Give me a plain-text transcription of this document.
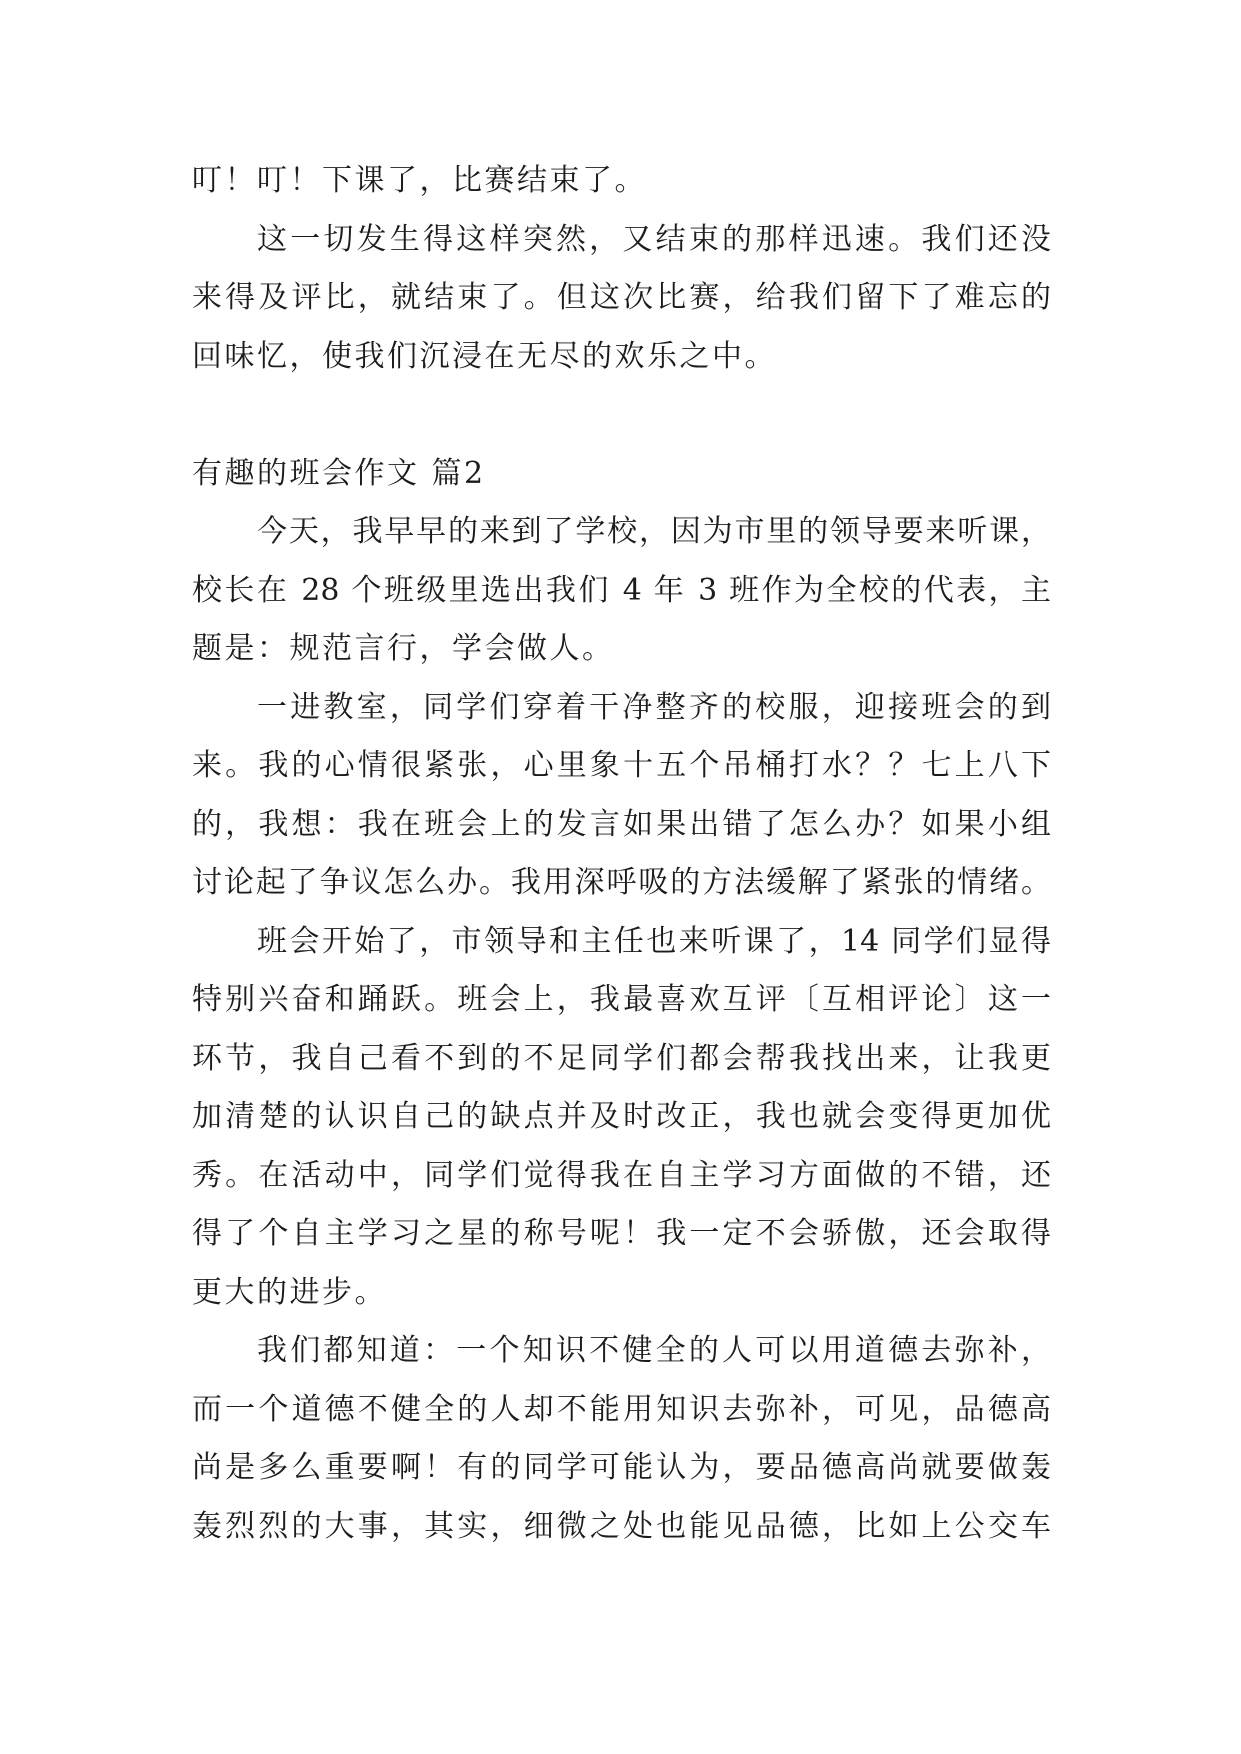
叮！叮！下课了，比赛结束了。
这一切发生得这样突然，又结束的那样迅速。我们还没
来得及评比，就结束了。但这次比赛，给我们留下了难忘的
回味忆，使我们沉浸在无尽的欢乐之中。
有趣的班会作文 篇2
今天，我早早的来到了学校，因为市里的领导要来听课，
校长在 28 个班级里选出我们 4 年 3 班作为全校的代表，主
题是：规范言行，学会做人。
一进教室，同学们穿着干净整齐的校服，迎接班会的到
来。我的心情很紧张，心里象十五个吊桶打水？？七上八下
的，我想：我在班会上的发言如果出错了怎么办？如果小组
讨论起了争议怎么办。我用深呼吸的方法缓解了紧张的情绪。
班会开始了，市领导和主任也来听课了，14 同学们显得
特别兴奋和踊跃。班会上，我最喜欢互评〔互相评论〕这一
环节，我自己看不到的不足同学们都会帮我找出来，让我更
加清楚的认识自己的缺点并及时改正，我也就会变得更加优
秀。在活动中，同学们觉得我在自主学习方面做的不错，还
得了个自主学习之星的称号呢！我一定不会骄傲，还会取得
更大的进步。
我们都知道：一个知识不健全的人可以用道德去弥补，
而一个道德不健全的人却不能用知识去弥补，可见，品德高
尚是多么重要啊！有的同学可能认为，要品德高尚就要做轰
轰烈烈的大事，其实，细微之处也能见品德，比如上公交车
